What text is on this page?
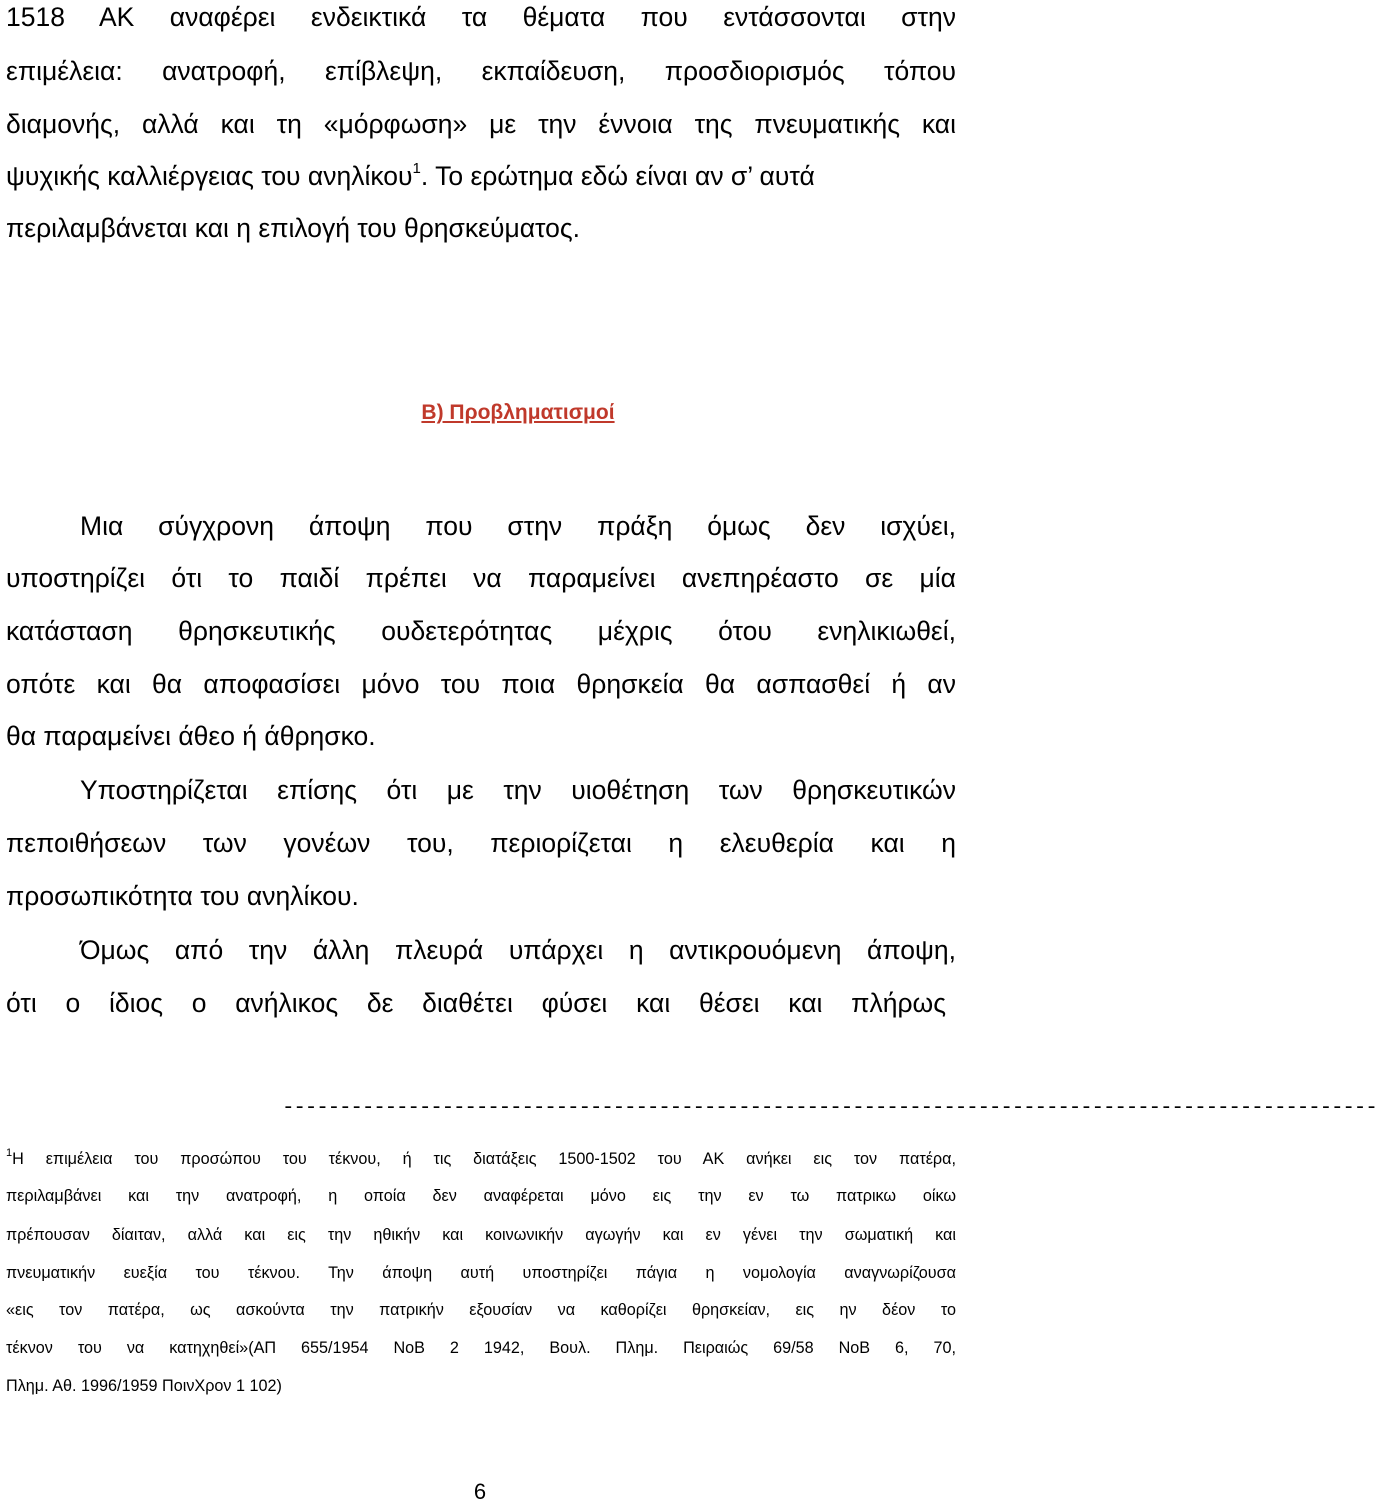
1518 ΑΚ αναφέρει ενδεικτικά τα θέματα που εντάσσονται στην
επιμέλεια: ανατροφή, επίβλεψη, εκπαίδευση, προσδιορισμός τόπου
διαμονής, αλλά και τη «μόρφωση» με την έννοια της πνευματικής και
ψυχικής καλλιέργειας του ανηλίκου$^1$. Το ερώτημα εδώ είναι αν σ’ αυτά
περιλαμβάνεται και η επιλογή του θρησκεύματος.
Β) Προβληματισμοί
Μια σύγχρονη άποψη που στην πράξη όμως δεν ισχύει,
υποστηρίζει ότι το παιδί πρέπει να παραμείνει ανεπηρέαστο σε μία
κατάσταση θρησκευτικής ουδετερότητας μέχρις ότου ενηλικιωθεί,
οπότε και θα αποφασίσει μόνο του ποια θρησκεία θα ασπασθεί ή αν
θα παραμείνει άθεο ή άθρησκο.
Υποστηρίζεται επίσης ότι με την υιοθέτηση των θρησκευτικών
πεποιθήσεων των γονέων του, περιορίζεται η ελευθερία και η
προσωπικότητα του ανηλίκου.
Όμως από την άλλη πλευρά υπάρχει η αντικρουόμενη άποψη,
ότι ο ίδιος ο ανήλικος δε διαθέτει φύσει και θέσει και πλήρως
------------------------------------------------------------------------------------------------
$^1$Η επιμέλεια του προσώπου του τέκνου, ή τις διατάξεις 1500-1502 του ΑΚ ανήκει εις τον πατέρα,
περιλαμβάνει και την ανατροφή, η οποία δεν αναφέρεται μόνο εις την εν τω πατρικω οίκω
πρέπουσαν δίαιταν, αλλά και εις την ηθικήν και κοινωνικήν αγωγήν και εν γένει την σωματική και
πνευματικήν ευεξία του τέκνου. Την άποψη αυτή υποστηρίζει πάγια η νομολογία αναγνωρίζουσα
«εις τον πατέρα, ως ασκούντα την πατρικήν εξουσίαν να καθορίζει θρησκείαν, εις ην δέον το
τέκνον του να κατηχηθεί»(ΑΠ 655/1954 ΝοΒ 2 1942, Βουλ. Πλημ. Πειραιώς 69/58 ΝοΒ 6, 70,
Πλημ. Αθ. 1996/1959 ΠοινΧρον 1 102)
6
